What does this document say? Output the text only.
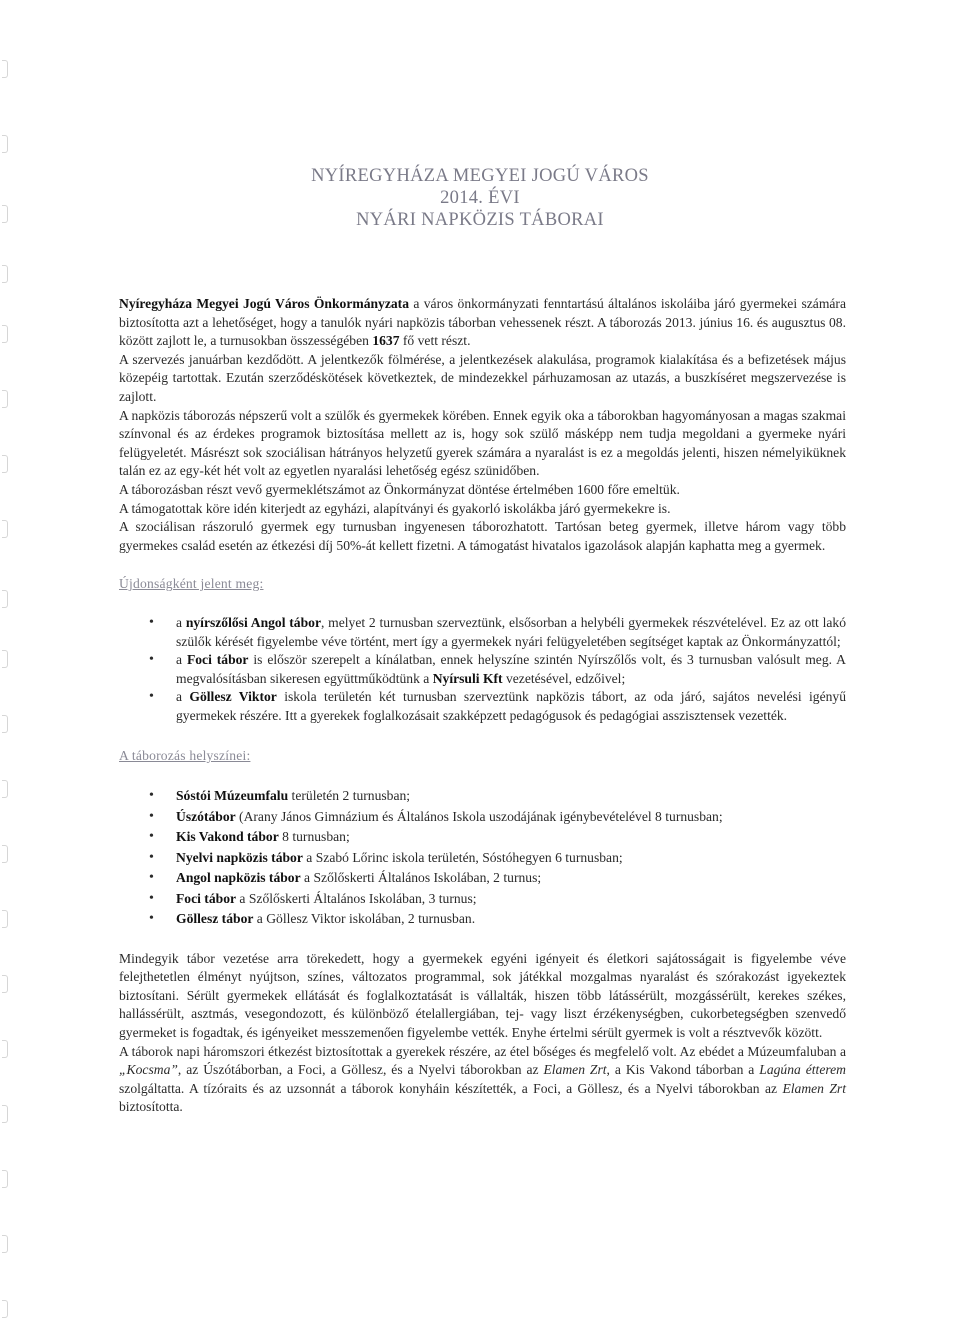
NYÍREGYHÁZA MEGYEI JOGÚ VÁROS
2014. ÉVI
NYÁRI NAPKÖZIS TÁBORAI

Nyíregyháza Megyei Jogú Város Önkormányzata a város önkormányzati fenntartású általános iskoláiba járó gyermekei számára biztosította azt a lehetőséget, hogy a tanulók nyári napközis táborban vehessenek részt. A táborozás 2013. június 16. és augusztus 08. között zajlott le, a turnusokban összességében 1637 fő vett részt.

A szervezés januárban kezdődött. A jelentkezők fölmérése, a jelentkezések alakulása, programok kialakítása és a befizetések május közepéig tartottak. Ezután szerződéskötések következtek, de mindezekkel párhuzamosan az utazás, a buszkíséret megszervezése is zajlott.

A napközis táborozás népszerű volt a szülők és gyermekek körében. Ennek egyik oka a táborokban hagyományosan a magas szakmai színvonal és az érdekes programok biztosítása mellett az is, hogy sok szülő másképp nem tudja megoldani a gyermeke nyári felügyeletét. Másrészt sok szociálisan hátrányos helyzetű gyerek számára a nyaralást is ez a megoldás jelenti, hiszen némelyiküknek talán ez az egy-két hét volt az egyetlen nyaralási lehetőség egész szünidőben.

A táborozásban részt vevő gyermeklétszámot az Önkormányzat döntése értelmében 1600 főre emeltük.

A támogatottak köre idén kiterjedt az egyházi, alapítványi és gyakorló iskolákba járó gyermekekre is.

A szociálisan rászoruló gyermek egy turnusban ingyenesen táborozhatott. Tartósan beteg gyermek, illetve három vagy több gyermekes család esetén az étkezési díj 50%-át kellett fizetni. A támogatást hivatalos igazolások alapján kaphatta meg a gyermek.

Újdonságként jelent meg:

• a nyírszőlősi Angol tábor, melyet 2 turnusban szerveztünk, elsősorban a helybéli gyermekek részvételével. Ez az ott lakó szülők kérését figyelembe véve történt, mert így a gyermekek nyári felügyeletében segítséget kaptak az Önkormányzattól;
• a Foci tábor is először szerepelt a kínálatban, ennek helyszíne szintén Nyírszőlős volt, és 3 turnusban valósult meg. A megvalósításban sikeresen együttműködtünk a Nyírsuli Kft vezetésével, edzőivel;
• a Göllesz Viktor iskola területén két turnusban szerveztünk napközis tábort, az oda járó, sajátos nevelési igényű gyermekek részére. Itt a gyerekek foglalkozásait szakképzett pedagógusok és pedagógiai asszisztensek vezették.

A táborozás helyszínei:

• Sóstói Múzeumfalu területén 2 turnusban;
• Úszótábor (Arany János Gimnázium és Általános Iskola uszodájának igénybevételével 8 turnusban;
• Kis Vakond tábor 8 turnusban;
• Nyelvi napközis tábor a Szabó Lőrinc iskola területén, Sóstóhegyen 6 turnusban;
• Angol napközis tábor a Szőlőskerti Általános Iskolában, 2 turnus;
• Foci tábor a Szőlőskerti Általános Iskolában, 3 turnus;
• Göllesz tábor a Göllesz Viktor iskolában, 2 turnusban.

Mindegyik tábor vezetése arra törekedett, hogy a gyermekek egyéni igényeit és életkori sajátosságait is figyelembe véve felejthetetlen élményt nyújtson, színes, változatos programmal, sok játékkal mozgalmas nyaralást és szórakozást igyekeztek biztosítani. Sérült gyermekek ellátását és foglalkoztatását is vállalták, hiszen több látássérült, mozgássérült, kerekes székes, hallássérült, asztmás, vesegondozott, és különböző ételallergiában, tej- vagy liszt érzékenységben, cukorbetegségben szenvedő gyermeket is fogadtak, és igényeiket messzemenően figyelembe vették. Enyhe értelmi sérült gyermek is volt a résztvevők között.

A táborok napi háromszori étkezést biztosítottak a gyerekek részére, az étel bőséges és megfelelő volt. Az ebédet a Múzeumfaluban a „Kocsma”, az Úszótáborban, a Foci, a Göllesz, és a Nyelvi táborokban az Elamen Zrt, a Kis Vakond táborban a Lagúna étterem szolgáltatta. A tízóraits és az uzsonnát a táborok konyháin készítették, a Foci, a Göllesz, és a Nyelvi táborokban az Elamen Zrt biztosította.
